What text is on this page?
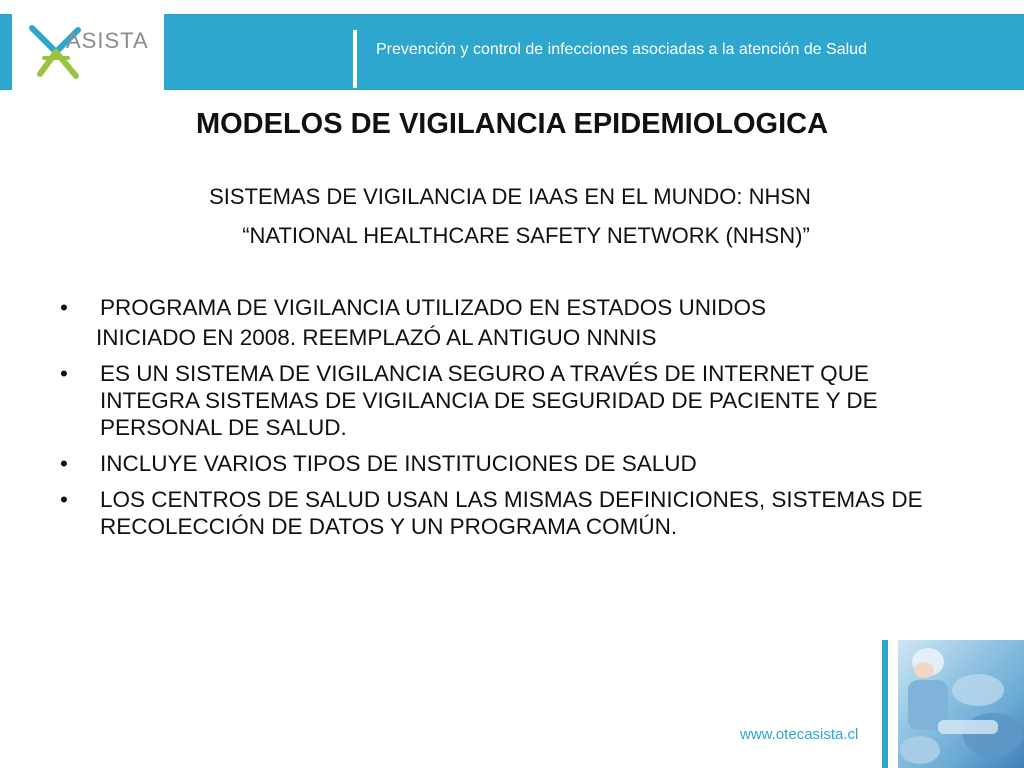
ASISTA	Prevención y control de infecciones asociadas a la atención de Salud
MODELOS DE VIGILANCIA EPIDEMIOLOGICA
SISTEMAS DE VIGILANCIA DE IAAS EN EL MUNDO: NHSN
“NATIONAL HEALTHCARE SAFETY NETWORK (NHSN)”
• PROGRAMA DE VIGILANCIA UTILIZADO EN ESTADOS UNIDOS
INICIADO EN 2008. REEMPLAZÓ AL ANTIGUO NNNIS
• ES UN SISTEMA DE VIGILANCIA SEGURO A TRAVÉS DE INTERNET QUE INTEGRA SISTEMAS DE VIGILANCIA DE SEGURIDAD DE PACIENTE Y DE PERSONAL DE SALUD.
• INCLUYE VARIOS TIPOS DE INSTITUCIONES DE SALUD
• LOS CENTROS DE SALUD USAN LAS MISMAS DEFINICIONES, SISTEMAS DE RECOLECCIÓN DE DATOS Y UN PROGRAMA COMÚN.
www.otecasista.cl
